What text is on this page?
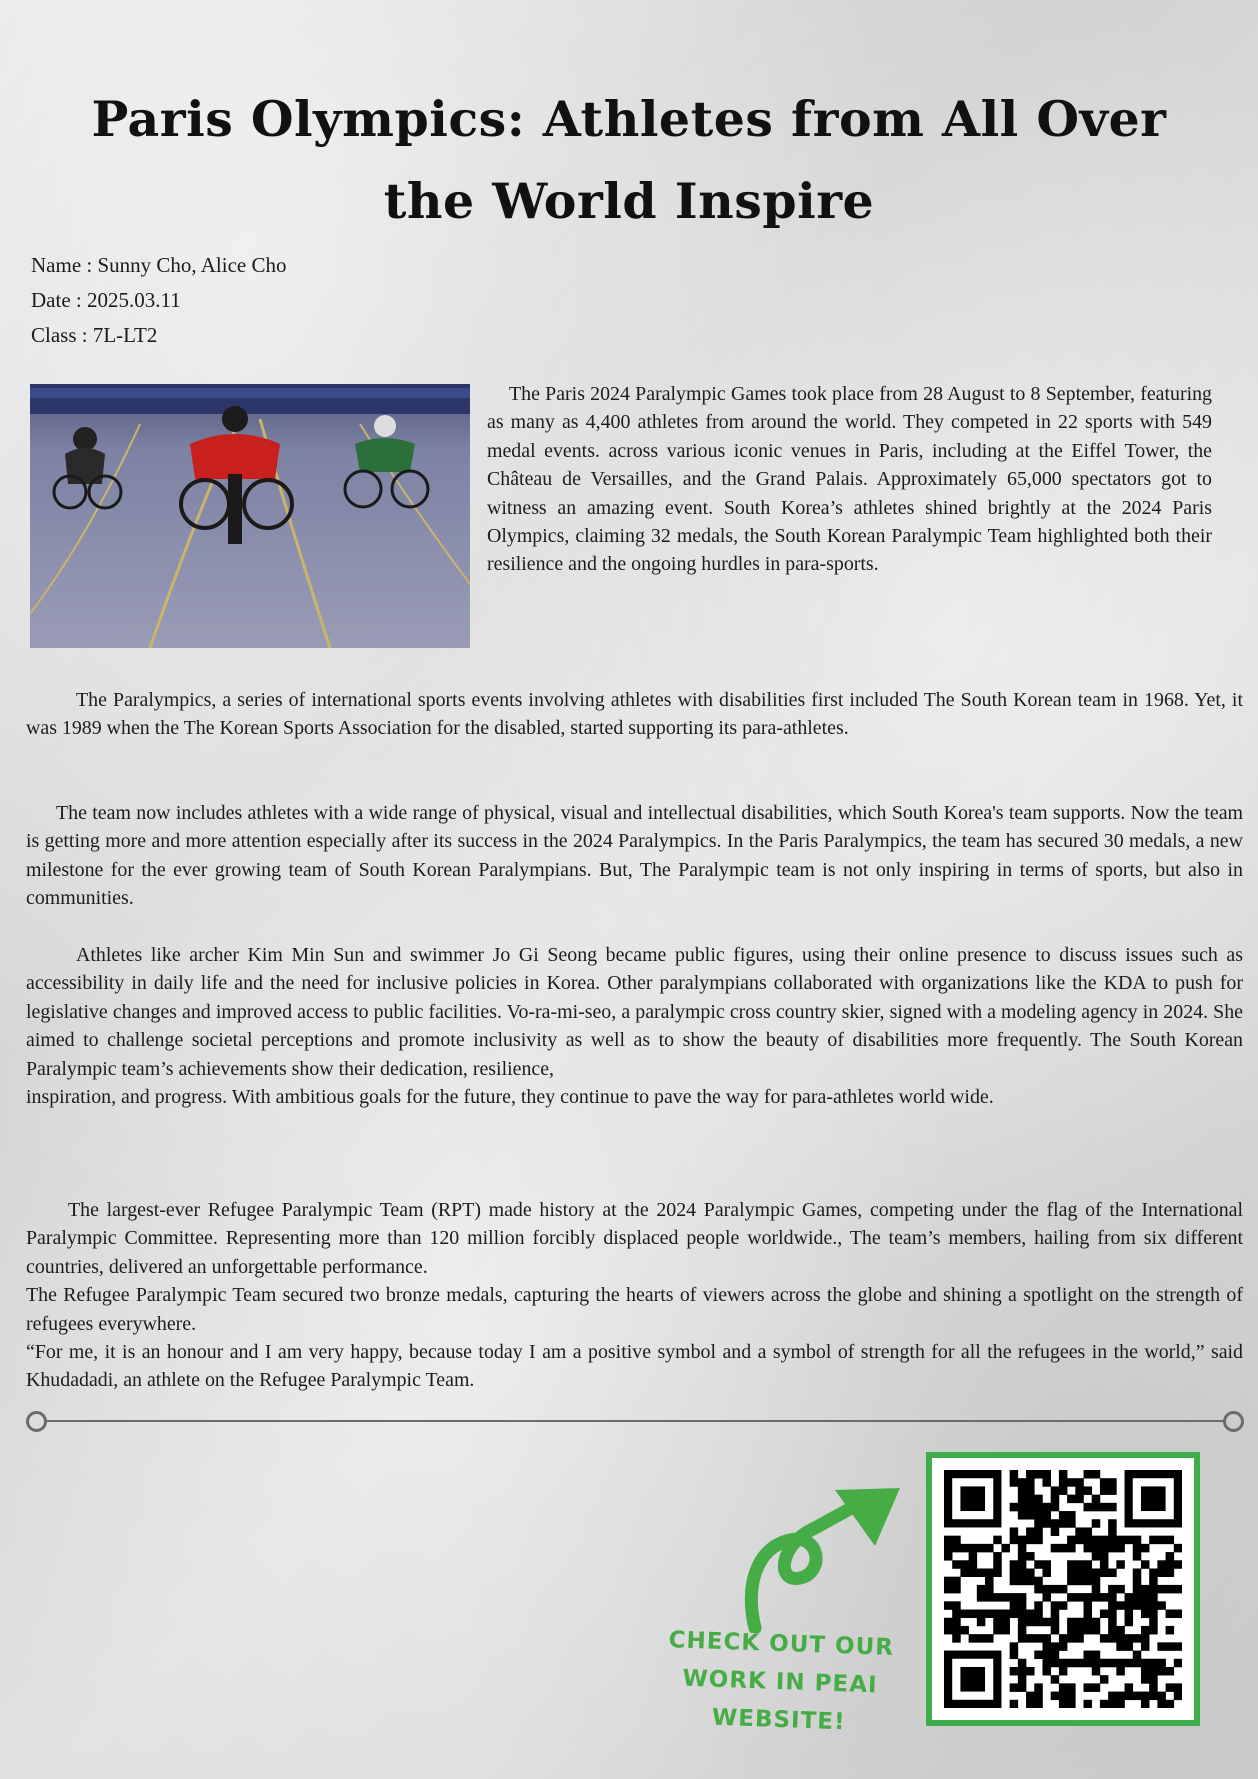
Paris Olympics: Athletes from All Over
the World Inspire
Name : Sunny Cho, Alice Cho
Date : 2025.03.11
Class : 7L-LT2
The Paris 2024 Paralympic Games took place from 28 August to 8 September, featuring as many as 4,400 athletes from around the world. They competed in 22 sports with 549 medal events. across various iconic venues in Paris, including at the Eiffel Tower, the Château de Versailles, and the Grand Palais. Approximately 65,000 spectators got to witness an amazing event. South Korea’s athletes shined brightly at the 2024 Paris Olympics, claiming 32 medals, the South Korean Paralympic Team highlighted both their resilience and the ongoing hurdles in para-sports.
The Paralympics, a series of international sports events involving athletes with disabilities first included The South Korean team in 1968. Yet, it was 1989 when the The Korean Sports Association for the disabled, started supporting its para-athletes.
The team now includes athletes with a wide range of physical, visual and intellectual disabilities, which South Korea's team supports. Now the team is getting more and more attention especially after its success in the 2024 Paralympics. In the Paris Paralympics, the team has secured 30 medals, a new milestone for the ever growing team of South Korean Paralympians. But, The Paralympic team is not only inspiring in terms of sports, but also in communities.

Athletes like archer Kim Min Sun and swimmer Jo Gi Seong became public figures, using their online presence to discuss issues such as accessibility in daily life and the need for inclusive policies in Korea. Other paralympians collaborated with organizations like the KDA to push for legislative changes and improved access to public facilities. Vo-ra-mi-seo, a paralympic cross country skier, signed with a modeling agency in 2024. She aimed to challenge societal perceptions and promote inclusivity as well as to show the beauty of disabilities more frequently. The South Korean Paralympic team’s achievements show their dedication, resilience,

inspiration, and progress. With ambitious goals for the future, they continue to pave the way for para-athletes world wide.

The largest-ever Refugee Paralympic Team (RPT) made history at the 2024 Paralympic Games, competing under the flag of the International Paralympic Committee. Representing more than 120 million forcibly displaced people worldwide., The team’s members, hailing from six different countries, delivered an unforgettable performance.

The Refugee Paralympic Team secured two bronze medals, capturing the hearts of viewers across the globe and shining a spotlight on the strength of refugees everywhere.

“For me, it is an honour and I am very happy, because today I am a positive symbol and a symbol of strength for all the refugees in the world,” said Khudadadi, an athlete on the Refugee Paralympic Team.

CHECK OUT OUR
WORK IN PEAI
WEBSITE!
